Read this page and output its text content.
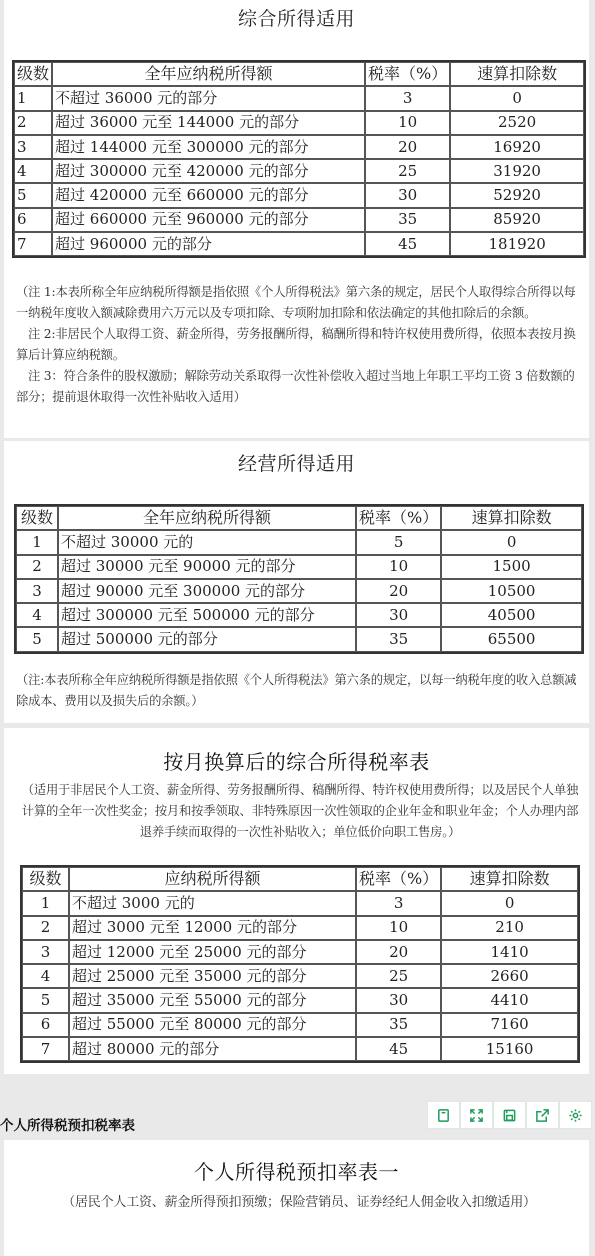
综合所得适用
级数	全年应纳税所得额	税率（%）	速算扣除数
1	不超过 36000 元的部分	3	0
2	超过 36000 元至 144000 元的部分	10	2520
3	超过 144000 元至 300000 元的部分	20	16920
4	超过 300000 元至 420000 元的部分	25	31920
5	超过 420000 元至 660000 元的部分	30	52920
6	超过 660000 元至 960000 元的部分	35	85920
7	超过 960000 元的部分	45	181920

（注 1:本表所称全年应纳税所得额是指依照《个人所得税法》第六条的规定，居民个人取得综合所得以每一纳税年度收入额减除费用六万元以及专项扣除、专项附加扣除和依法确定的其他扣除后的余额。

注 2:非居民个人取得工资、薪金所得，劳务报酬所得，稿酬所得和特许权使用费所得，依照本表按月换算后计算应纳税额。

注 3：符合条件的股权激励；解除劳动关系取得一次性补偿收入超过当地上年职工平均工资 3 倍数额的部分；提前退休取得一次性补贴收入适用）

经营所得适用
级数	全年应纳税所得额	税率（%）	速算扣除数
1	不超过 30000 元的	5	0
2	超过 30000 元至 90000 元的部分	10	1500
3	超过 90000 元至 300000 元的部分	20	10500
4	超过 300000 元至 500000 元的部分	30	40500
5	超过 500000 元的部分	35	65500
（注:本表所称全年应纳税所得额是指依照《个人所得税法》第六条的规定，以每一纳税年度的收入总额减除成本、费用以及损失后的余额。）
按月换算后的综合所得税率表
（适用于非居民个人工资、薪金所得、劳务报酬所得、稿酬所得、特许权使用费所得；以及居民个人单独计算的全年一次性奖金；按月和按季领取、非特殊原因一次性领取的企业年金和职业年金；个人办理内部退养手续而取得的一次性补贴收入；单位低价向职工售房。）
级数	应纳税所得额	税率（%）	速算扣除数
1	不超过 3000 元的	3	0
2	超过 3000 元至 12000 元的部分	10	210
3	超过 12000 元至 25000 元的部分	20	1410
4	超过 25000 元至 35000 元的部分	25	2660
5	超过 35000 元至 55000 元的部分	30	4410
6	超过 55000 元至 80000 元的部分	35	7160
7	超过 80000 元的部分	45	15160
个人所得税预扣税率表
个人所得税预扣率表一
（居民个人工资、薪金所得预扣预缴；保险营销员、证券经纪人佣金收入扣缴适用）
